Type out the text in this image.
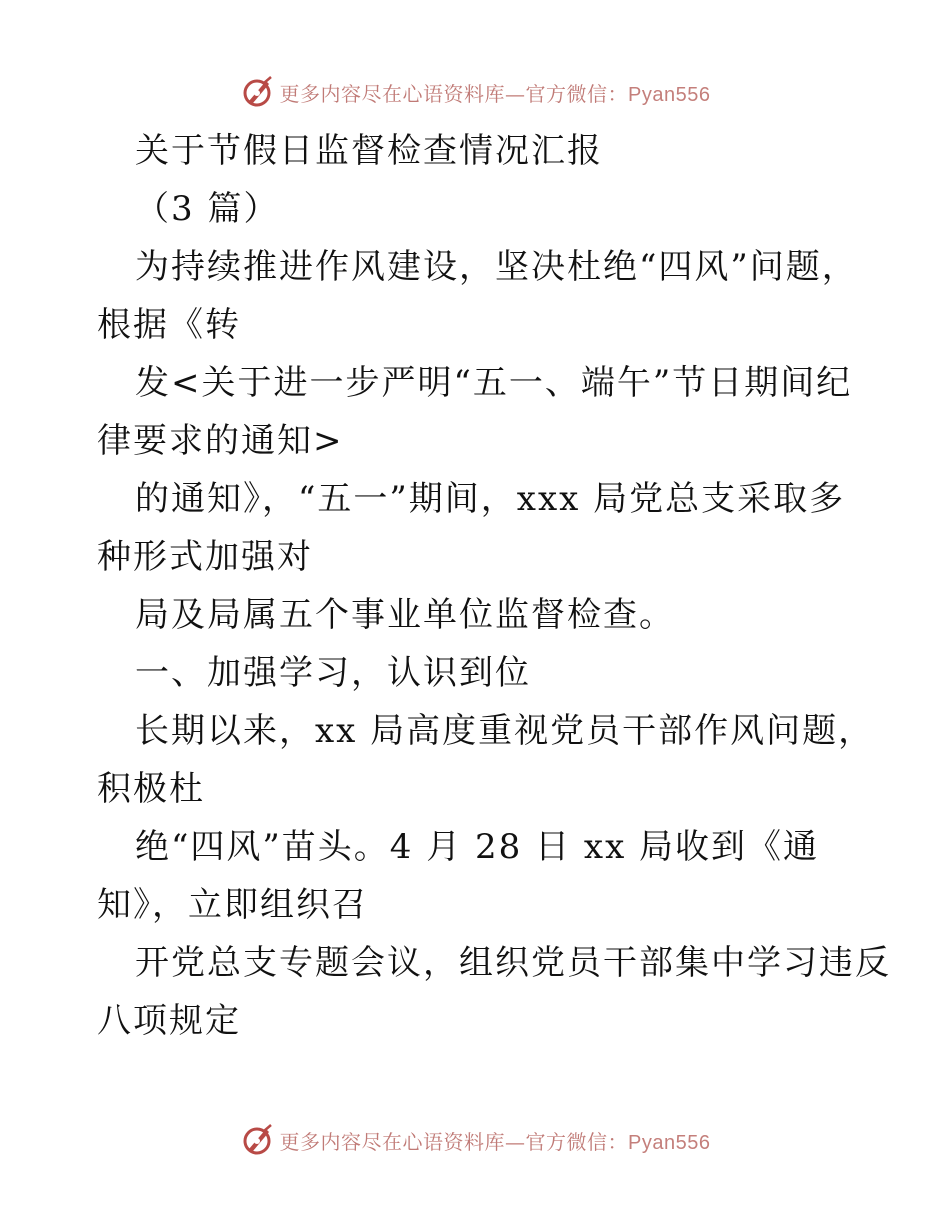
更多内容尽在心语资料库—官方微信：Pyan556
关于节假日监督检查情况汇报
（3 篇）
为持续推进作风建设，坚决杜绝“四风”问题，
根据《转
发<关于进一步严明“五一、端午”节日期间纪
律要求的通知>
的通知》，“五一”期间，xxx 局党总支采取多
种形式加强对
局及局属五个事业单位监督检查。
一、加强学习，认识到位
长期以来，xx 局高度重视党员干部作风问题，
积极杜
绝“四风”苗头。4 月 28 日 xx 局收到《通
知》，立即组织召
开党总支专题会议，组织党员干部集中学习违反
八项规定
更多内容尽在心语资料库—官方微信：Pyan556
